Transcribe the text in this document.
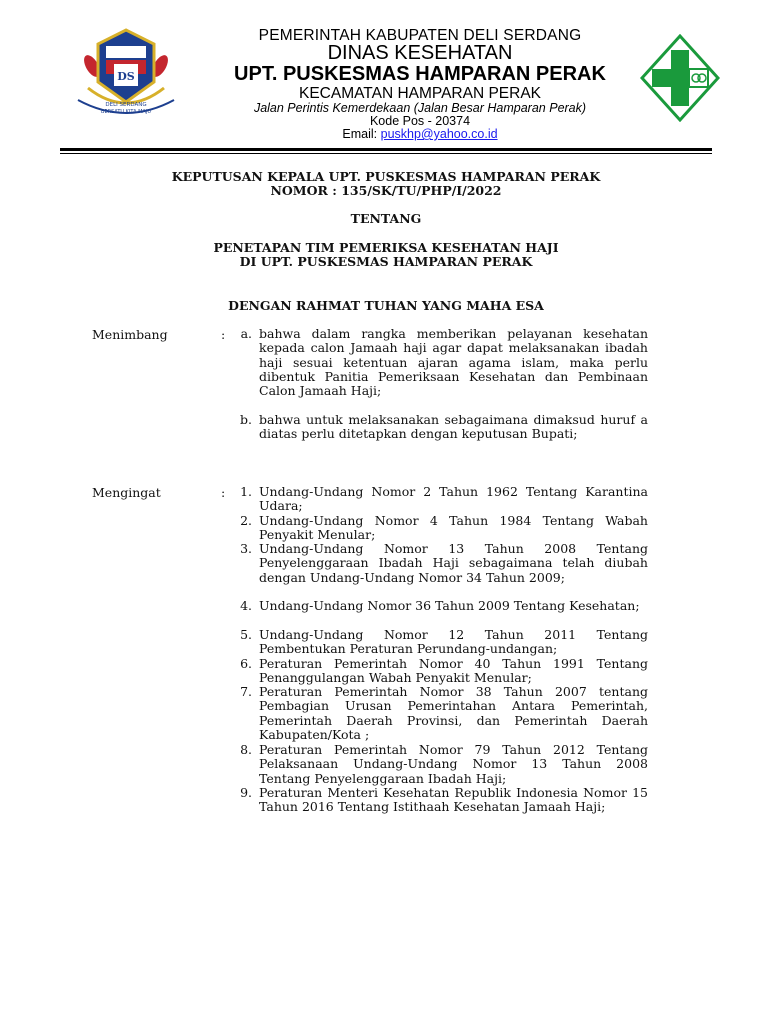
DS
DELI SERDANG
BERSATU KITA MAJU
PEMERINTAH KABUPATEN DELI SERDANG
DINAS KESEHATAN
UPT. PUSKESMAS HAMPARAN PERAK
KECAMATAN HAMPARAN PERAK
Jalan Perintis Kemerdekaan (Jalan Besar Hamparan Perak)
Kode Pos - 20374
Email: puskhp@yahoo.co.id
KEPUTUSAN KEPALA UPT. PUSKESMAS HAMPARAN PERAK
NOMOR : 135/SK/TU/PHP/I/2022
TENTANG
PENETAPAN TIM PEMERIKSA KESEHATAN HAJI
DI UPT. PUSKESMAS HAMPARAN PERAK
DENGAN RAHMAT TUHAN YANG MAHA ESA
Menimbang	:	a. bahwa dalam rangka memberikan pelayanan kesehatan kepada calon Jamaah haji agar dapat melaksanakan ibadah haji sesuai ketentuan ajaran agama islam, maka perlu dibentuk Panitia Pemeriksaan Kesehatan dan Pembinaan Calon Jamaah Haji;
b. bahwa untuk melaksanakan sebagaimana dimaksud huruf a diatas perlu ditetapkan dengan keputusan Bupati;
Mengingat	:	1. Undang-Undang Nomor 2 Tahun 1962 Tentang Karantina Udara;
2. Undang-Undang Nomor 4 Tahun 1984 Tentang Wabah Penyakit Menular;
3. Undang-Undang Nomor 13 Tahun 2008 Tentang Penyelenggaraan Ibadah Haji sebagaimana telah diubah dengan Undang-Undang Nomor 34 Tahun 2009;
4. Undang-Undang Nomor 36 Tahun 2009 Tentang Kesehatan;
5. Undang-Undang Nomor 12 Tahun 2011 Tentang Pembentukan Peraturan Perundang-undangan;
6. Peraturan Pemerintah Nomor 40 Tahun 1991 Tentang Penanggulangan Wabah Penyakit Menular;
7. Peraturan Pemerintah Nomor 38 Tahun 2007 tentang Pembagian Urusan Pemerintahan Antara Pemerintah, Pemerintah Daerah Provinsi, dan Pemerintah Daerah Kabupaten/Kota ;
8. Peraturan Pemerintah Nomor 79 Tahun 2012 Tentang Pelaksanaan Undang-Undang Nomor 13 Tahun 2008 Tentang Penyelenggaraan Ibadah Haji;
9. Peraturan Menteri Kesehatan Republik Indonesia Nomor 15 Tahun 2016 Tentang Istithaah Kesehatan Jamaah Haji;
